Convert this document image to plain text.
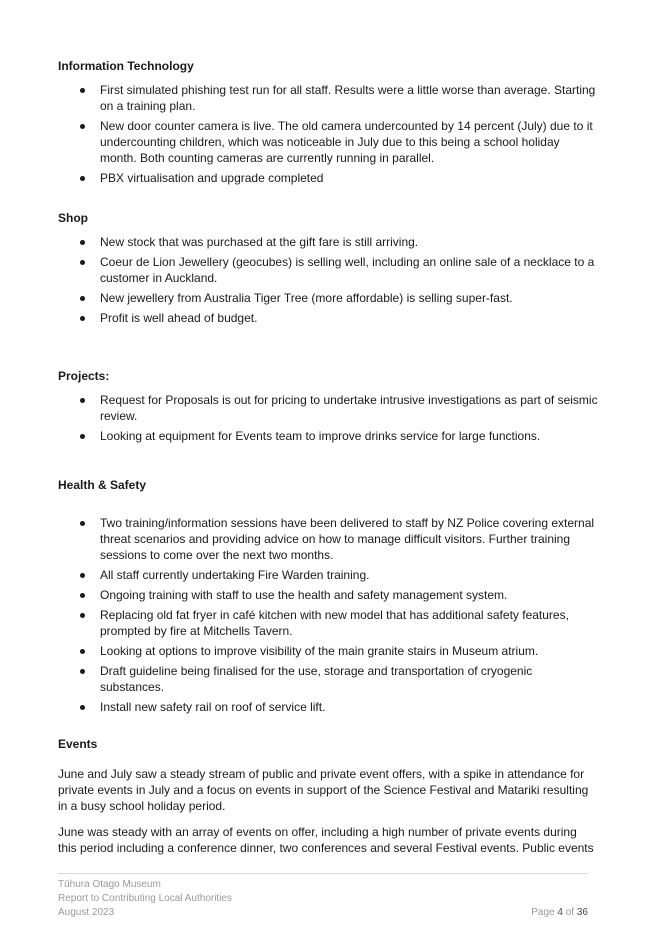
Information Technology

First simulated phishing test run for all staff. Results were a little worse than average. Starting on a training plan.
New door counter camera is live. The old camera undercounted by 14 percent (July) due to it undercounting children, which was noticeable in July due to this being a school holiday month. Both counting cameras are currently running in parallel.
PBX virtualisation and upgrade completed

Shop

New stock that was purchased at the gift fare is still arriving.
Coeur de Lion Jewellery (geocubes) is selling well, including an online sale of a necklace to a customer in Auckland.
New jewellery from Australia Tiger Tree (more affordable) is selling super-fast.
Profit is well ahead of budget.

Projects:

Request for Proposals is out for pricing to undertake intrusive investigations as part of seismic review.
Looking at equipment for Events team to improve drinks service for large functions.

Health & Safety

Two training/information sessions have been delivered to staff by NZ Police covering external threat scenarios and providing advice on how to manage difficult visitors. Further training sessions to come over the next two months.
All staff currently undertaking Fire Warden training.
Ongoing training with staff to use the health and safety management system.
Replacing old fat fryer in café kitchen with new model that has additional safety features, prompted by fire at Mitchells Tavern.
Looking at options to improve visibility of the main granite stairs in Museum atrium.
Draft guideline being finalised for the use, storage and transportation of cryogenic substances.
Install new safety rail on roof of service lift.

Events

June and July saw a steady stream of public and private event offers, with a spike in attendance for private events in July and a focus on events in support of the Science Festival and Matariki resulting in a busy school holiday period.

June was steady with an array of events on offer, including a high number of private events during this period including a conference dinner, two conferences and several Festival events. Public events

Tūhura Otago Museum
Report to Contributing Local Authorities
August 2023	Page 4 of 36
